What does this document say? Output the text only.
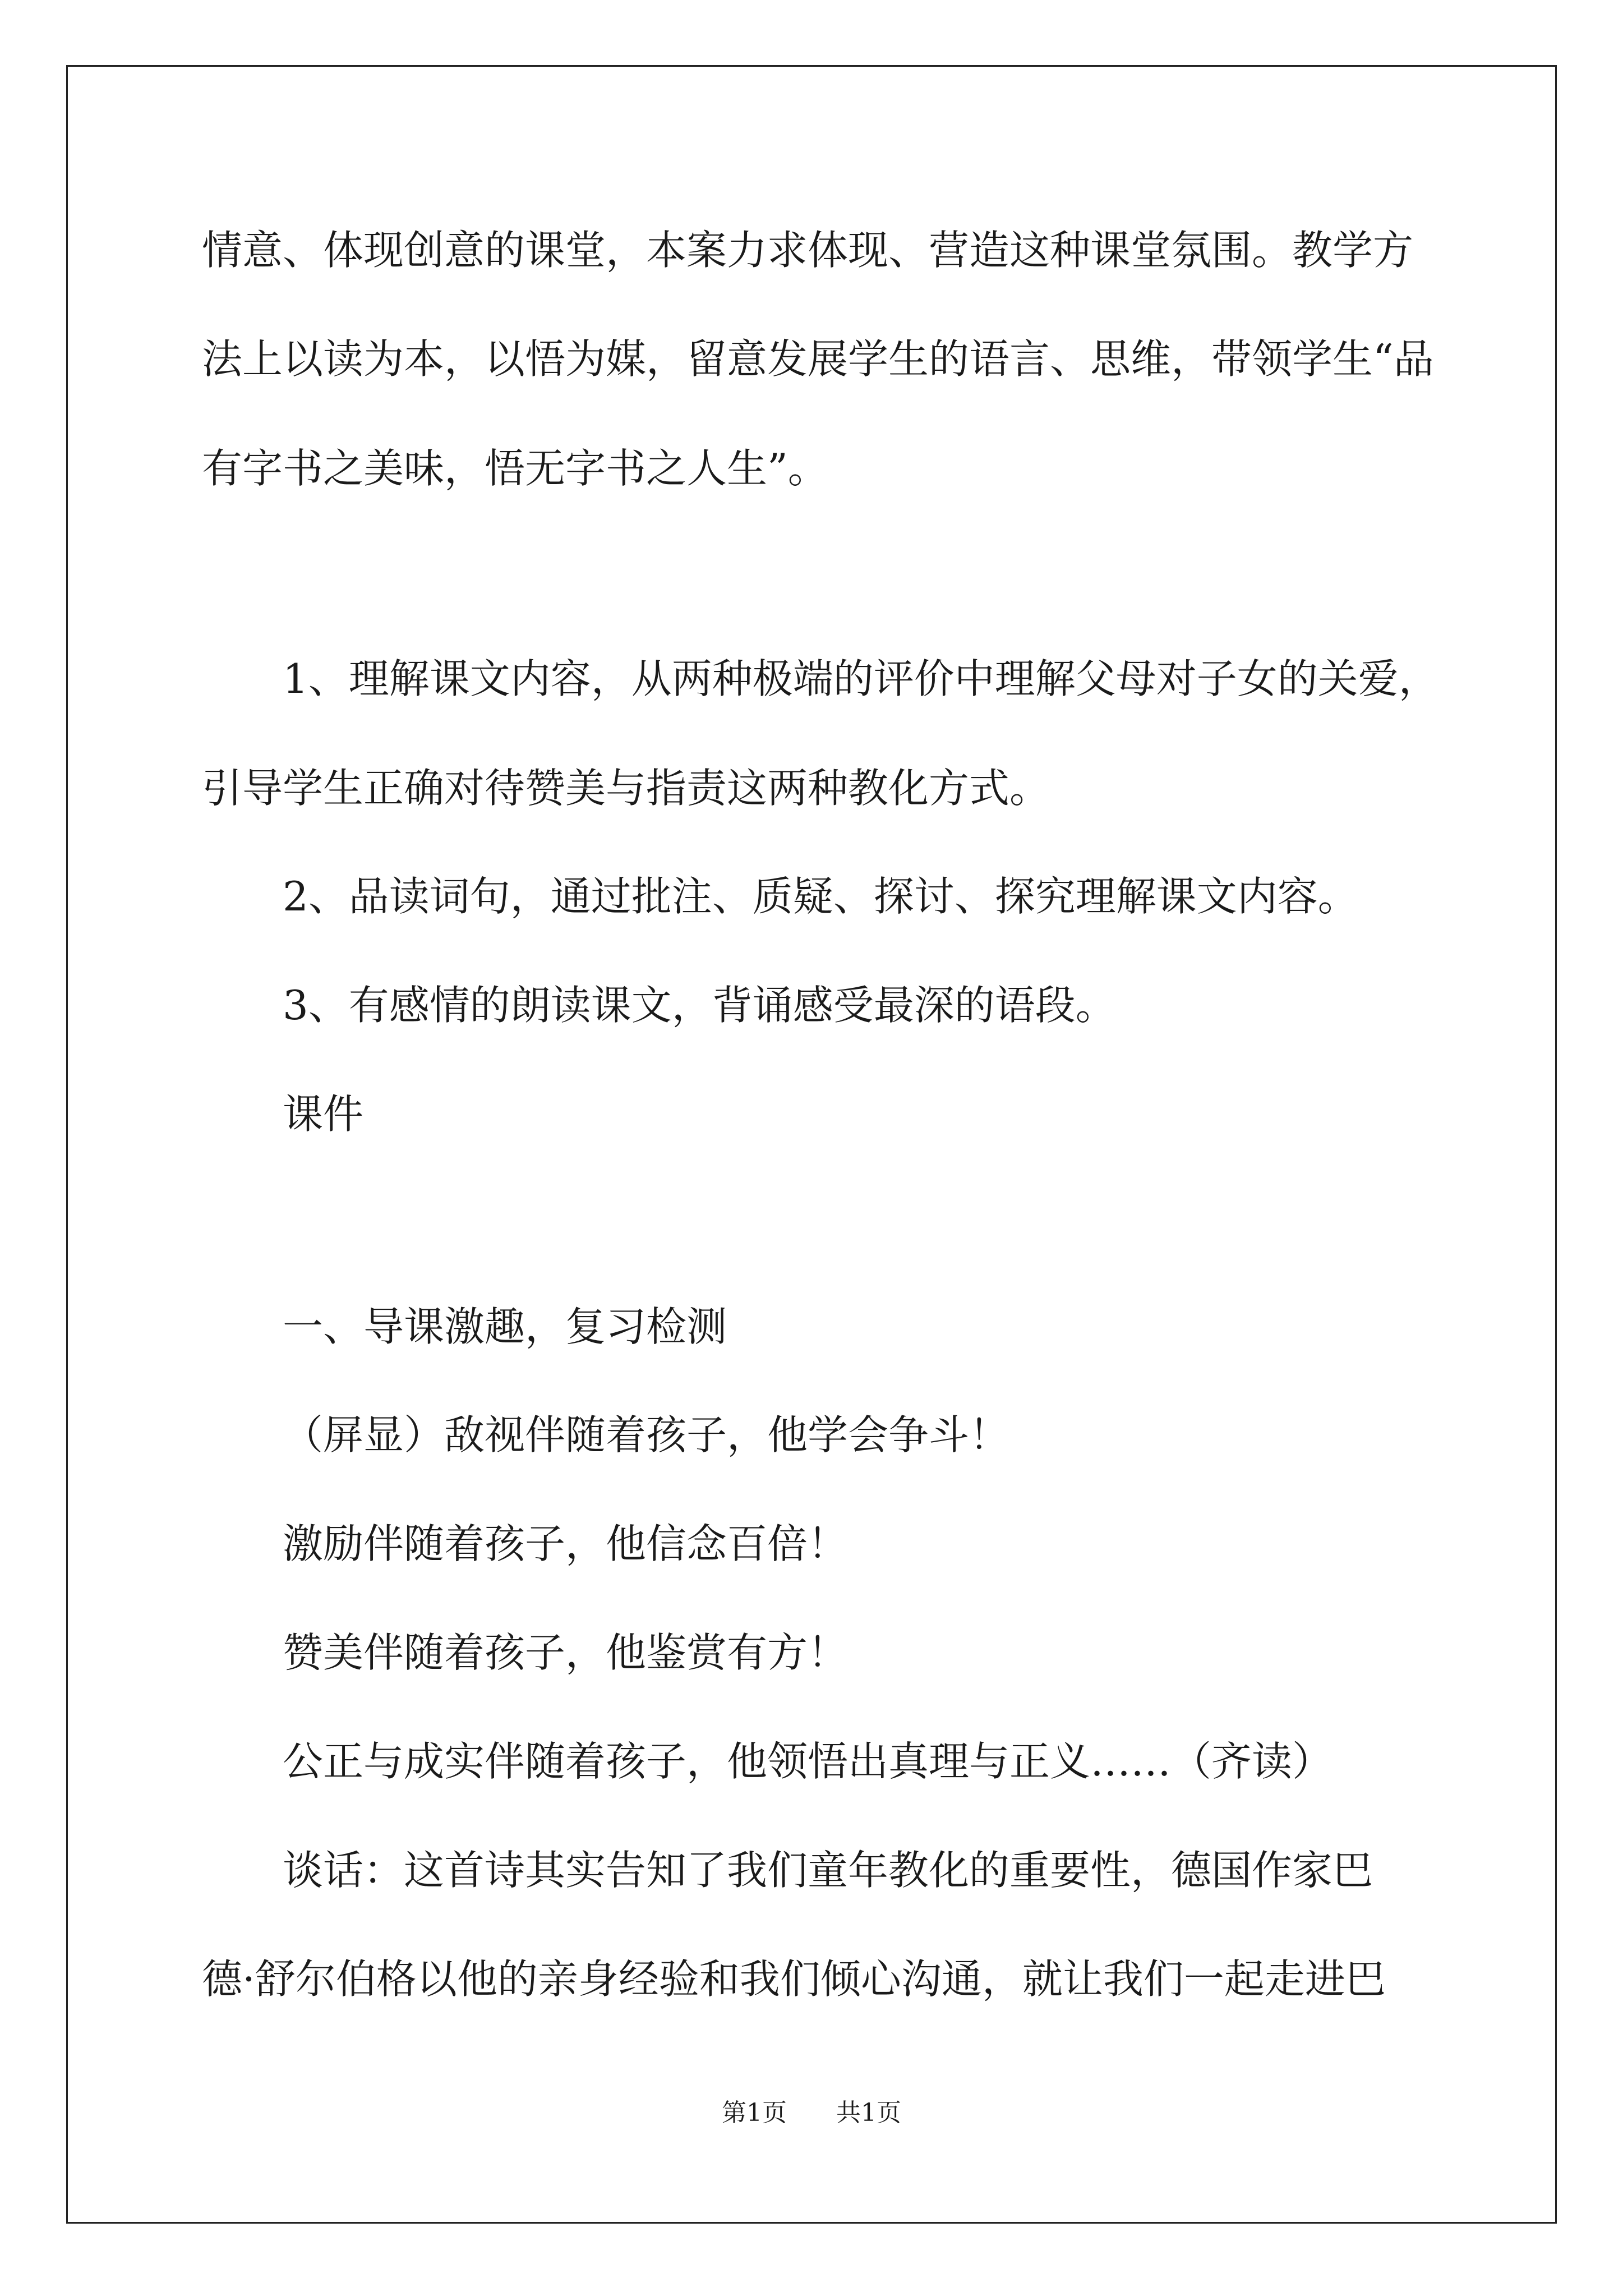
情意、体现创意的课堂，本案力求体现、营造这种课堂氛围。教学方
法上以读为本，以悟为媒，留意发展学生的语言、思维，带领学生“品
有字书之美味，悟无字书之人生”。
1、理解课文内容，从两种极端的评价中理解父母对子女的关爱，
引导学生正确对待赞美与指责这两种教化方式。
2、品读词句，通过批注、质疑、探讨、探究理解课文内容。
3、有感情的朗读课文，背诵感受最深的语段。
课件
一、导课激趣，复习检测
（屏显）敌视伴随着孩子，他学会争斗！
激励伴随着孩子，他信念百倍！
赞美伴随着孩子，他鉴赏有方！
公正与成实伴随着孩子，他领悟出真理与正义……（齐读）
谈话：这首诗其实告知了我们童年教化的重要性，德国作家巴
德·舒尔伯格以他的亲身经验和我们倾心沟通，就让我们一起走进巴
第1页 共1页
